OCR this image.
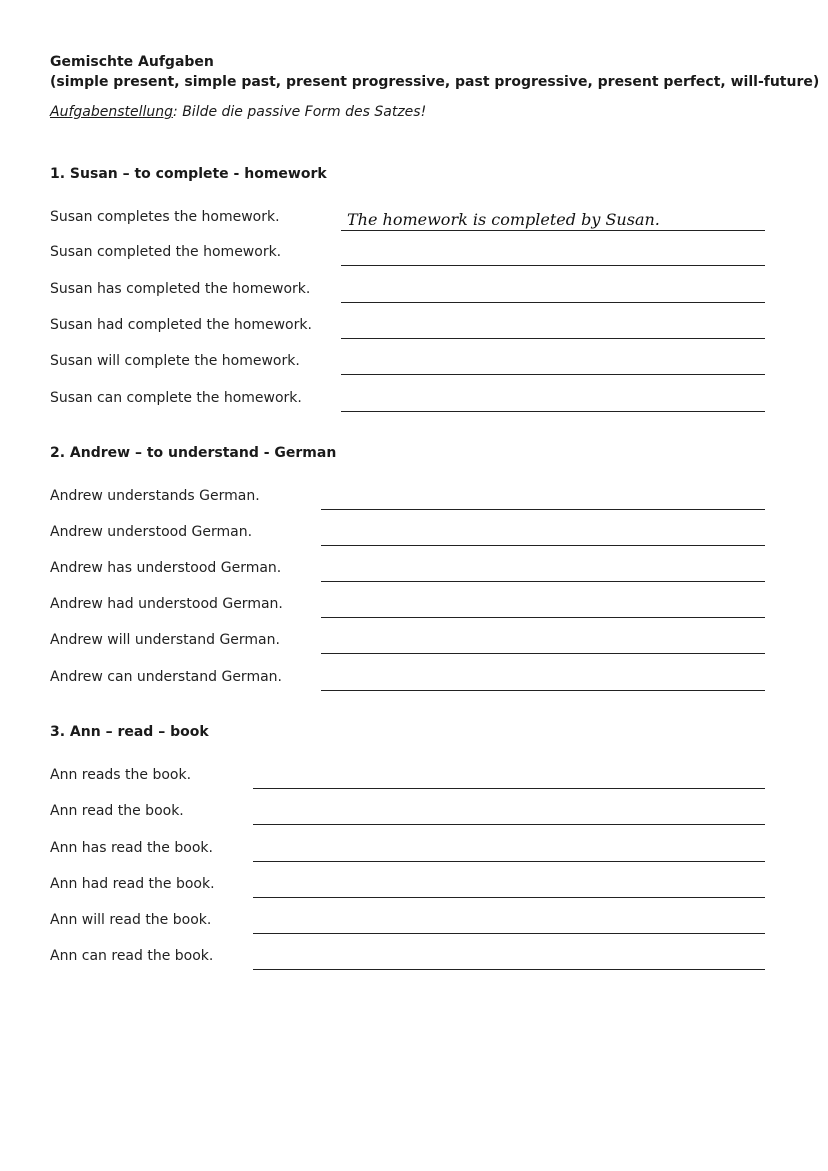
Gemischte Aufgaben
(simple present, simple past, present progressive, past progressive, present perfect, will-future)
Aufgabenstellung: Bilde die passive Form des Satzes!
1. Susan – to complete - homework
Susan completes the homework.	The homework is completed by Susan.
Susan completed the homework.
Susan has completed the homework.
Susan had completed the homework.
Susan will complete the homework.
Susan can complete the homework.
2. Andrew – to understand - German
Andrew understands German.
Andrew understood German.
Andrew has understood German.
Andrew had understood German.
Andrew will understand German.
Andrew can understand German.
3. Ann – read – book
Ann reads the book.
Ann read the book.
Ann has read the book.
Ann had read the book.
Ann will read the book.
Ann can read the book.
